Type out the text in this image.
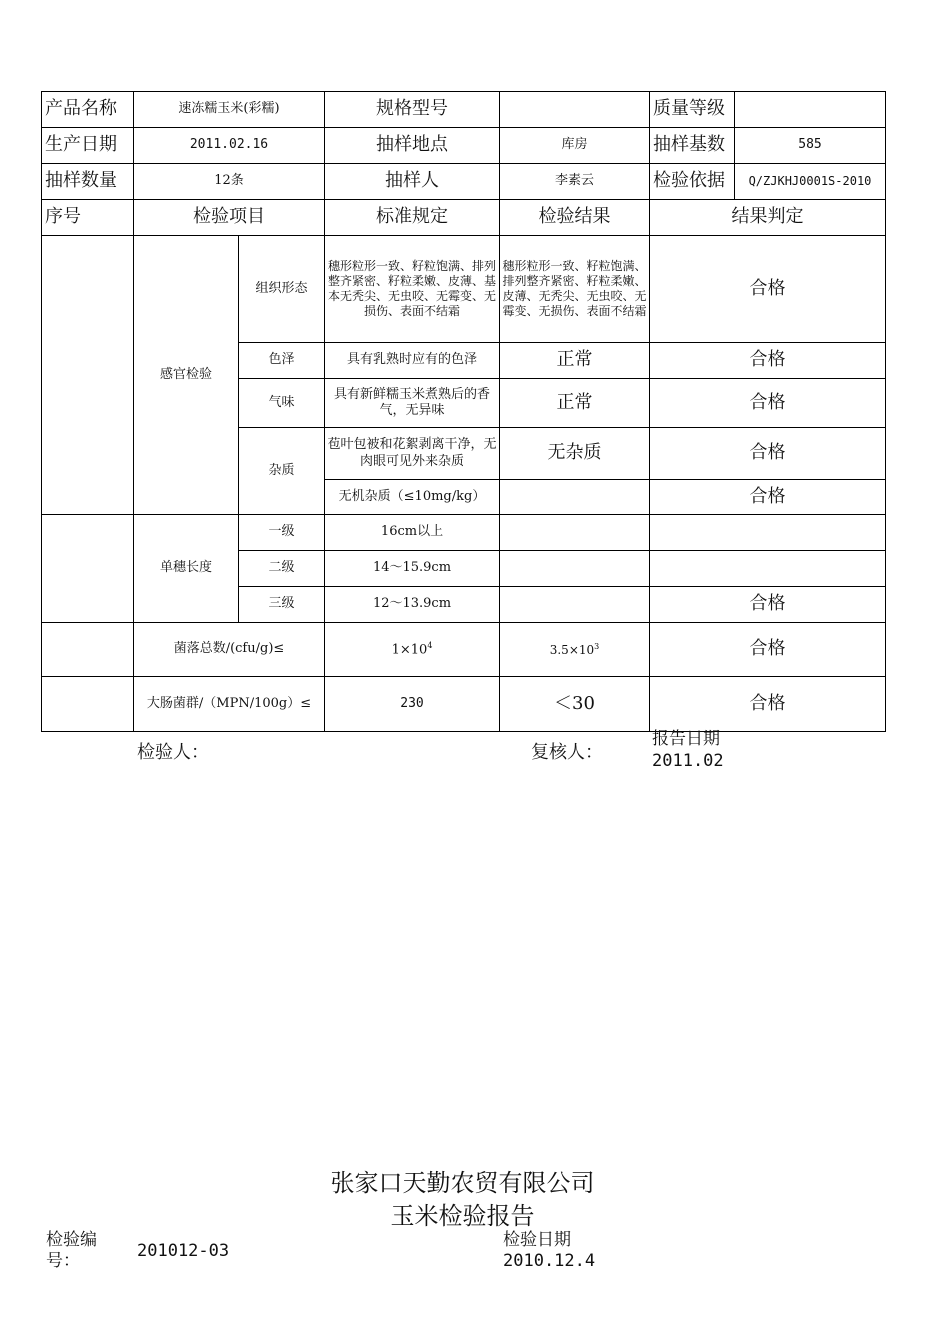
产品名称	速冻糯玉米(彩糯)		规格型号		质量等级	
生产日期	2011.02.16		抽样地点	库房	抽样基数	585
抽样数量	12条		抽样人	李素云	检验依据	Q/ZJKHJ0001S-2010
序号	检验项目		标准规定	检验结果	结果判定	
	感官检验	组织形态	穗形粒形一致、籽粒饱满、排列整齐紧密、籽粒柔嫩、皮薄、基本无秃尖、无虫咬、无霉变、无损伤、表面不结霜	穗形粒形一致、籽粒饱满、排列整齐紧密、籽粒柔嫩、皮薄、无秃尖、无虫咬、无霉变、无损伤、表面不结霜	合格	
		色泽	具有乳熟时应有的色泽	正常	合格	
		气味	具有新鲜糯玉米煮熟后的香气，无异味	正常	合格	
		杂质	苞叶包被和花絮剥离干净，无肉眼可见外来杂质	无杂质	合格	
			无机杂质（≤10mg/kg）		合格	
	单穗长度	一级	16cm以上			
		二级	14～15.9cm			
		三级	12～13.9cm		合格	
	菌落总数/(cfu/g)≤		$1\times 10^4$	$3.5\times 10^3$	合格	
	大肠菌群/（MPN/100g）≤		230	＜30	合格	
检验人：	复核人：
报告日期
2011.02
张家口天勤农贸有限公司
玉米检验报告
检验编
号：	201012-03
检验日期
2010.12.4
